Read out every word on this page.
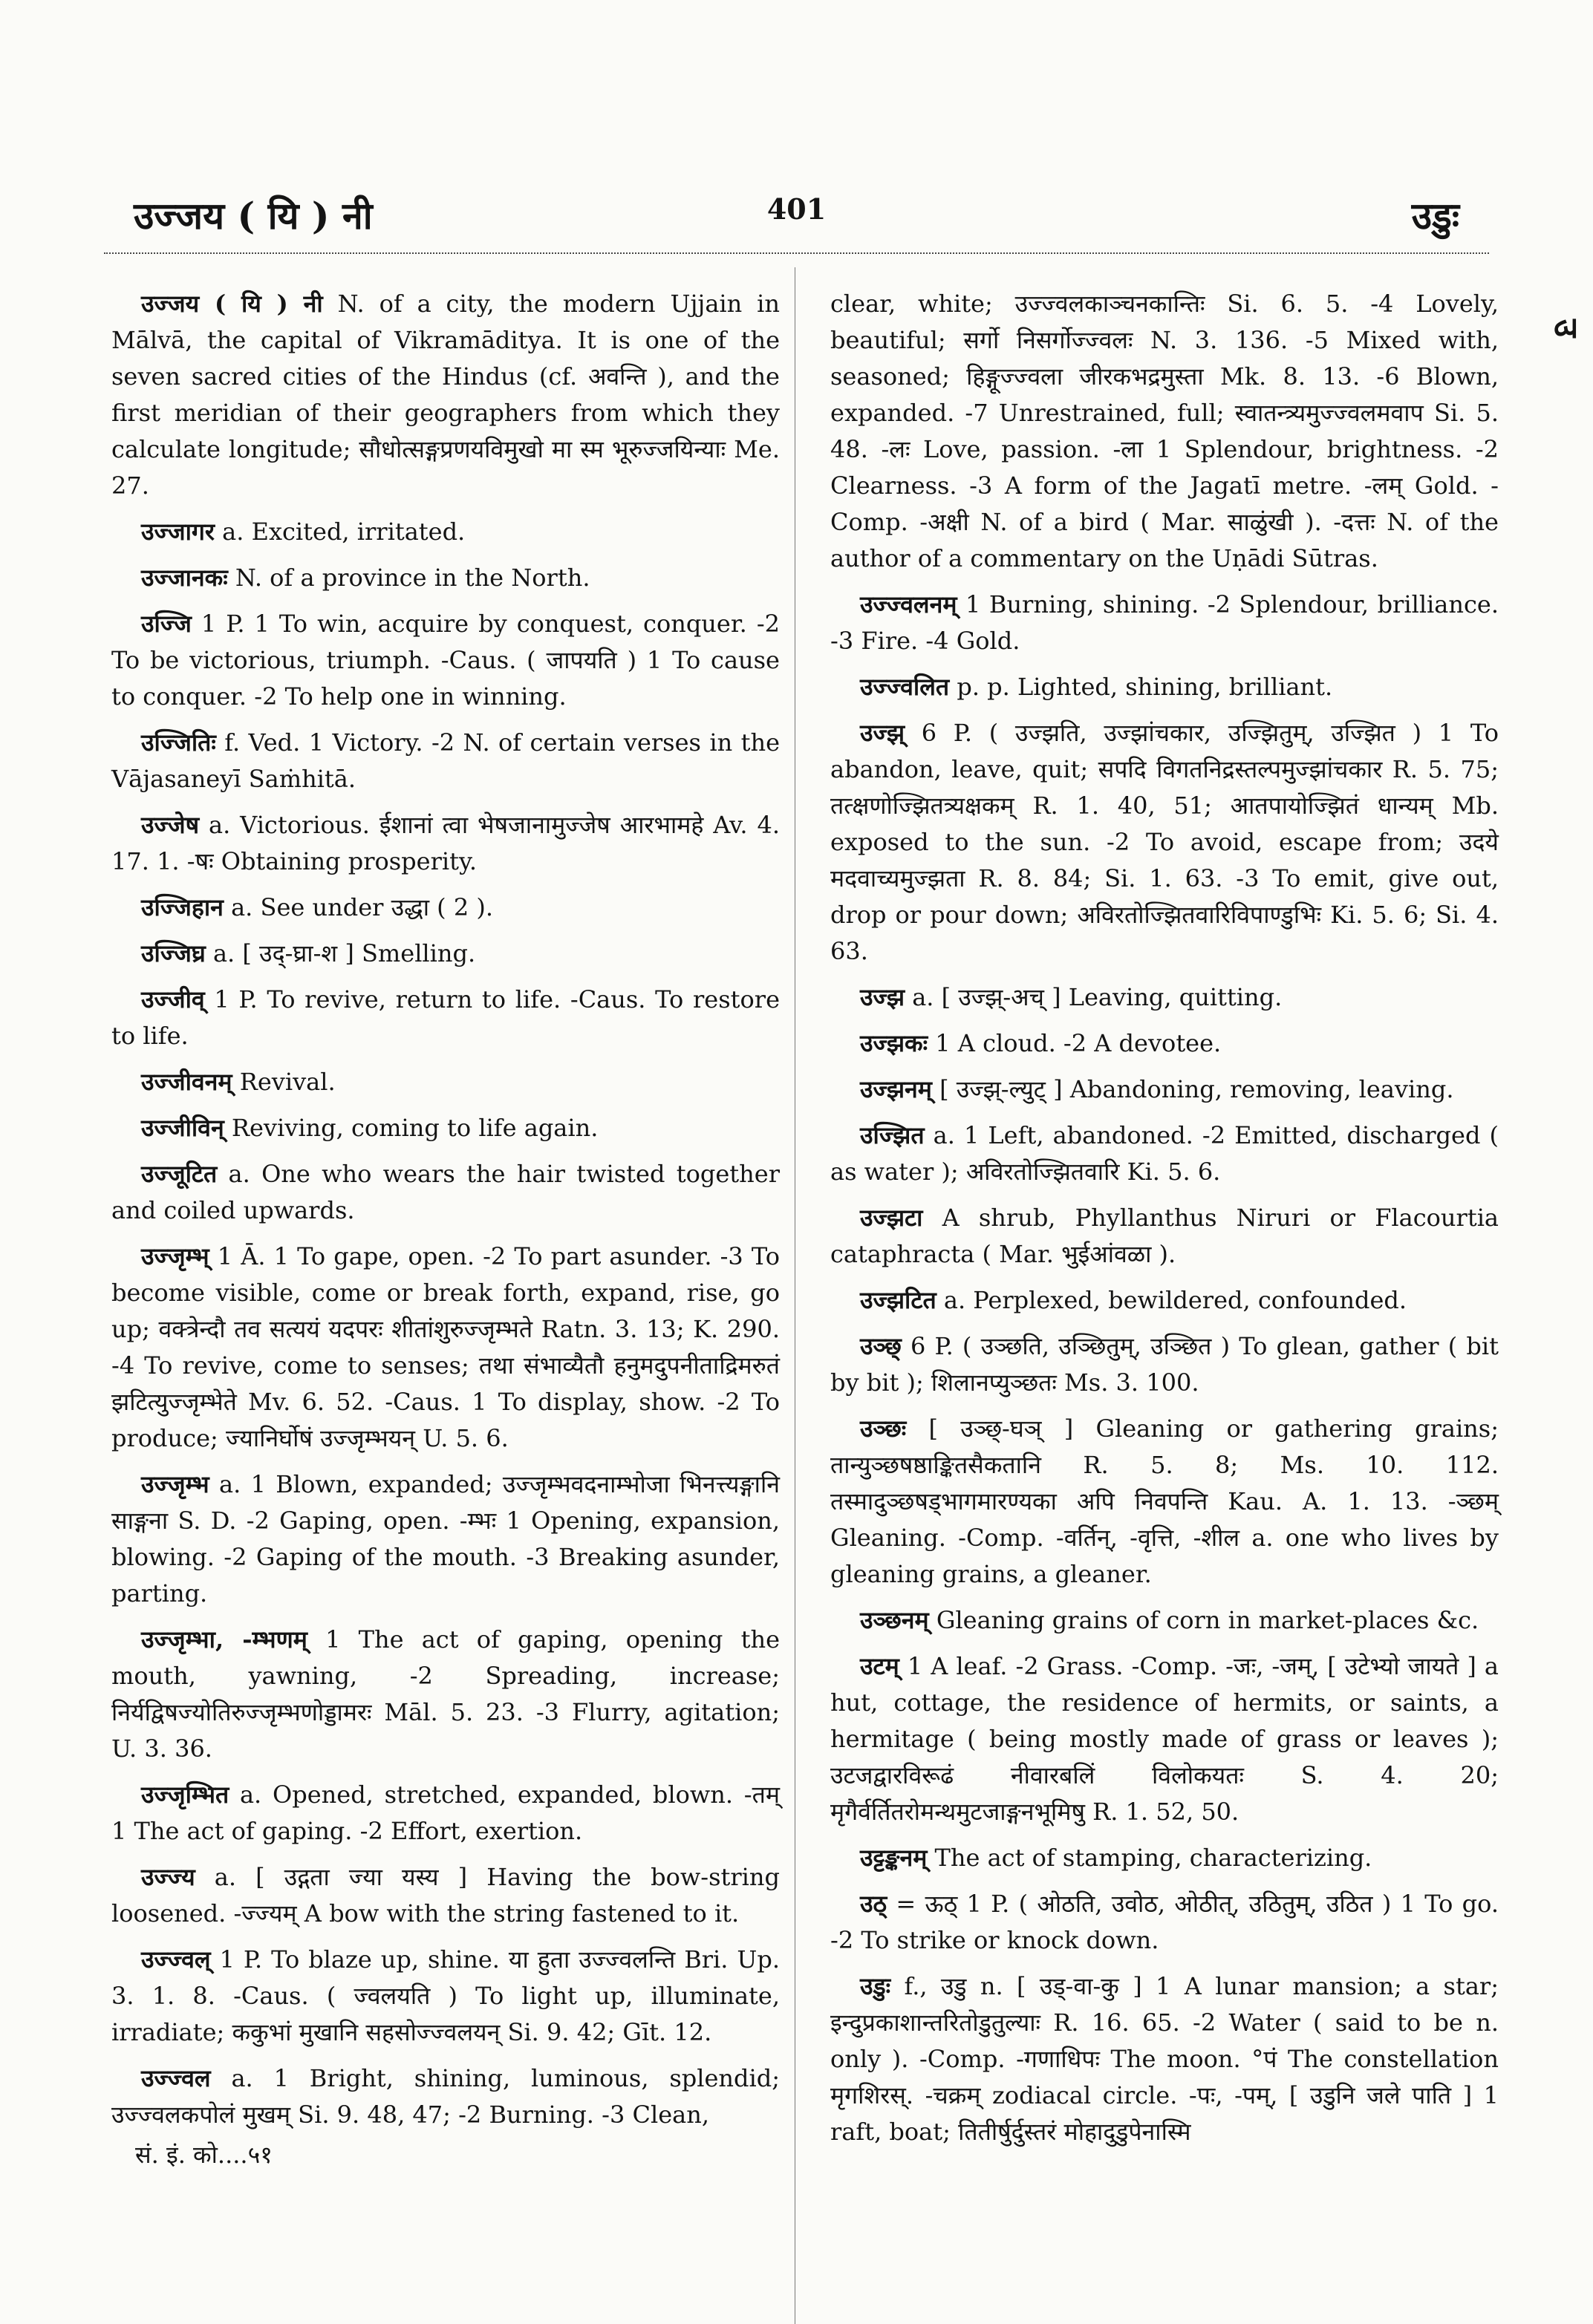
उज्जय ( यि ) नी	401	उडुः
उ

उज्जय ( यि ) नी N. of a city, the modern Ujjain in Mālvā, the capital of Vikramāditya. It is one of the seven sacred cities of the Hindus (cf. अवन्ति ), and the first meridian of their geographers from which they calculate longitude; सौधोत्सङ्गप्रणयविमुखो मा स्म भूरुज्जयिन्याः Me. 27.

उज्जागर a. Excited, irritated.

उज्जानकः N. of a province in the North.

उज्जि 1 P. 1 To win, acquire by conquest, conquer. -2 To be victorious, triumph. -Caus. ( जापयति ) 1 To cause to conquer. -2 To help one in winning.

उज्जितिः f. Ved. 1 Victory. -2 N. of certain verses in the Vājasaneyī Saṁhitā.

उज्जेष a. Victorious. ईशानां त्वा भेषजानामुज्जेष आरभामहे Av. 4. 17. 1. -षः Obtaining prosperity.

उज्जिहान a. See under उद्धा ( 2 ).

उज्जिघ्र a. [ उद्-घ्रा-श ] Smelling.

उज्जीव् 1 P. To revive, return to life. -Caus. To restore to life.

उज्जीवनम् Revival.

उज्जीविन् Reviving, coming to life again.

उज्जूटित a. One who wears the hair twisted together and coiled upwards.

उज्जृम्भ् 1 Ā. 1 To gape, open. -2 To part asunder. -3 To become visible, come or break forth, expand, rise, go up; वक्त्रेन्दौ तव सत्ययं यदपरः शीतांशुरुज्जृम्भते Ratn. 3. 13; K. 290. -4 To revive, come to senses; तथा संभाव्यैतौ हनुमदुपनीताद्रिमरुतं झटित्युज्जृम्भेते Mv. 6. 52. -Caus. 1 To display, show. -2 To produce; ज्यानिर्घोषं उज्जृम्भयन् U. 5. 6.

उज्जृम्भ a. 1 Blown, expanded; उज्जृम्भवदनाम्भोजा भिनत्त्यङ्गानि साङ्गना S. D. -2 Gaping, open. -म्भः 1 Opening, expansion, blowing. -2 Gaping of the mouth. -3 Breaking asunder, parting.

उज्जृम्भा, -म्भणम् 1 The act of gaping, opening the mouth, yawning, -2 Spreading, increase; निर्यद्विषज्योतिरुज्जृम्भणोड्डामरः Māl. 5. 23. -3 Flurry, agitation; U. 3. 36.

उज्जृम्भित a. Opened, stretched, expanded, blown. -तम् 1 The act of gaping. -2 Effort, exertion.

उज्ज्य a. [ उद्गता ज्या यस्य ] Having the bow-string loosened. -ज्ज्यम् A bow with the string fastened to it.

उज्ज्वल् 1 P. To blaze up, shine. या हुता उज्ज्वलन्ति Bri. Up. 3. 1. 8. -Caus. ( ज्वलयति ) To light up, illuminate, irradiate; ककुभां मुखानि सहसोज्ज्वलयन् Si. 9. 42; Gīt. 12.

उज्ज्वल a. 1 Bright, shining, luminous, splendid; उज्ज्वलकपोलं मुखम् Si. 9. 48, 47; -2 Burning. -3 Clean,

clear, white; उज्ज्वलकाञ्चनकान्तिः Si. 6. 5. -4 Lovely, beautiful; सर्गो निसर्गोज्ज्वलः N. 3. 136. -5 Mixed with, seasoned; हिङ्गूज्ज्वला जीरकभद्रमुस्ता Mk. 8. 13. -6 Blown, expanded. -7 Unrestrained, full; स्वातन्त्र्यमुज्ज्वलमवाप Si. 5. 48. -लः Love, passion. -ला 1 Splendour, brightness. -2 Clearness. -3 A form of the Jagatī metre. -लम् Gold. -Comp. -अक्षी N. of a bird ( Mar. साळुंखी ). -दत्तः N. of the author of a commentary on the Uṇādi Sūtras.

उज्ज्वलनम् 1 Burning, shining. -2 Splendour, brilliance. -3 Fire. -4 Gold.

उज्ज्वलित p. p. Lighted, shining, brilliant.

उज्झ् 6 P. ( उज्झति, उज्झांचकार, उज्झितुम्, उज्झित ) 1 To abandon, leave, quit; सपदि विगतनिद्रस्तल्पमुज्झांचकार R. 5. 75; तत्क्षणोज्झितत्र्यक्षकम् R. 1. 40, 51; आतपायोज्झितं धान्यम् Mb. exposed to the sun. -2 To avoid, escape from; उदये मदवाच्यमुज्झता R. 8. 84; Si. 1. 63. -3 To emit, give out, drop or pour down; अविरतोज्झितवारिविपाण्डुभिः Ki. 5. 6; Si. 4. 63.

उज्झ a. [ उज्झ्-अच् ] Leaving, quitting.

उज्झकः 1 A cloud. -2 A devotee.

उज्झनम् [ उज्झ्-ल्युट् ] Abandoning, removing, leaving.

उज्झित a. 1 Left, abandoned. -2 Emitted, discharged ( as water ); अविरतोज्झितवारि Ki. 5. 6.

उज्झटा A shrub, Phyllanthus Niruri or Flacourtia cataphracta ( Mar. भुईआंवळा ).

उज्झटित a. Perplexed, bewildered, confounded.

उञ्छ् 6 P. ( उञ्छति, उञ्छितुम्, उञ्छित ) To glean, gather ( bit by bit ); शिलानप्युञ्छतः Ms. 3. 100.

उञ्छः [ उञ्छ्-घञ् ] Gleaning or gathering grains; तान्युञ्छषष्ठाङ्कितसैकतानि R. 5. 8; Ms. 10. 112. तस्मादुञ्छषड्भागमारण्यका अपि निवपन्ति Kau. A. 1. 13. -ञ्छम् Gleaning. -Comp. -वर्तिन्, -वृत्ति, -शील a. one who lives by gleaning grains, a gleaner.

उञ्छनम् Gleaning grains of corn in market-places &c.

उटम् 1 A leaf. -2 Grass. -Comp. -जः, -जम्, [ उटेभ्यो जायते ] a hut, cottage, the residence of hermits, or saints, a hermitage ( being mostly made of grass or leaves ); उटजद्वारविरूढं नीवारबलिं विलोकयतः S. 4. 20; मृगैर्वर्तितरोमन्थमुटजाङ्गनभूमिषु R. 1. 52, 50.

उट्टङ्कनम् The act of stamping, characterizing.

उठ् = ऊठ् 1 P. ( ओठति, उवोठ, ओठीत्, उठितुम्, उठित ) 1 To go. -2 To strike or knock down.

उडुः f., उडु n. [ उड्-वा-कु ] 1 A lunar mansion; a star; इन्दुप्रकाशान्तरितोडुतुल्याः R. 16. 65. -2 Water ( said to be n. only ). -Comp. -गणाधिपः The moon. °पं The constellation मृगशिरस्. -चक्रम् zodiacal circle. -पः, -पम्, [ उडुनि जले पाति ] 1 raft, boat; तितीर्षुर्दुस्तरं मोहादुडुपेनास्मि

सं. इं. को....५१
